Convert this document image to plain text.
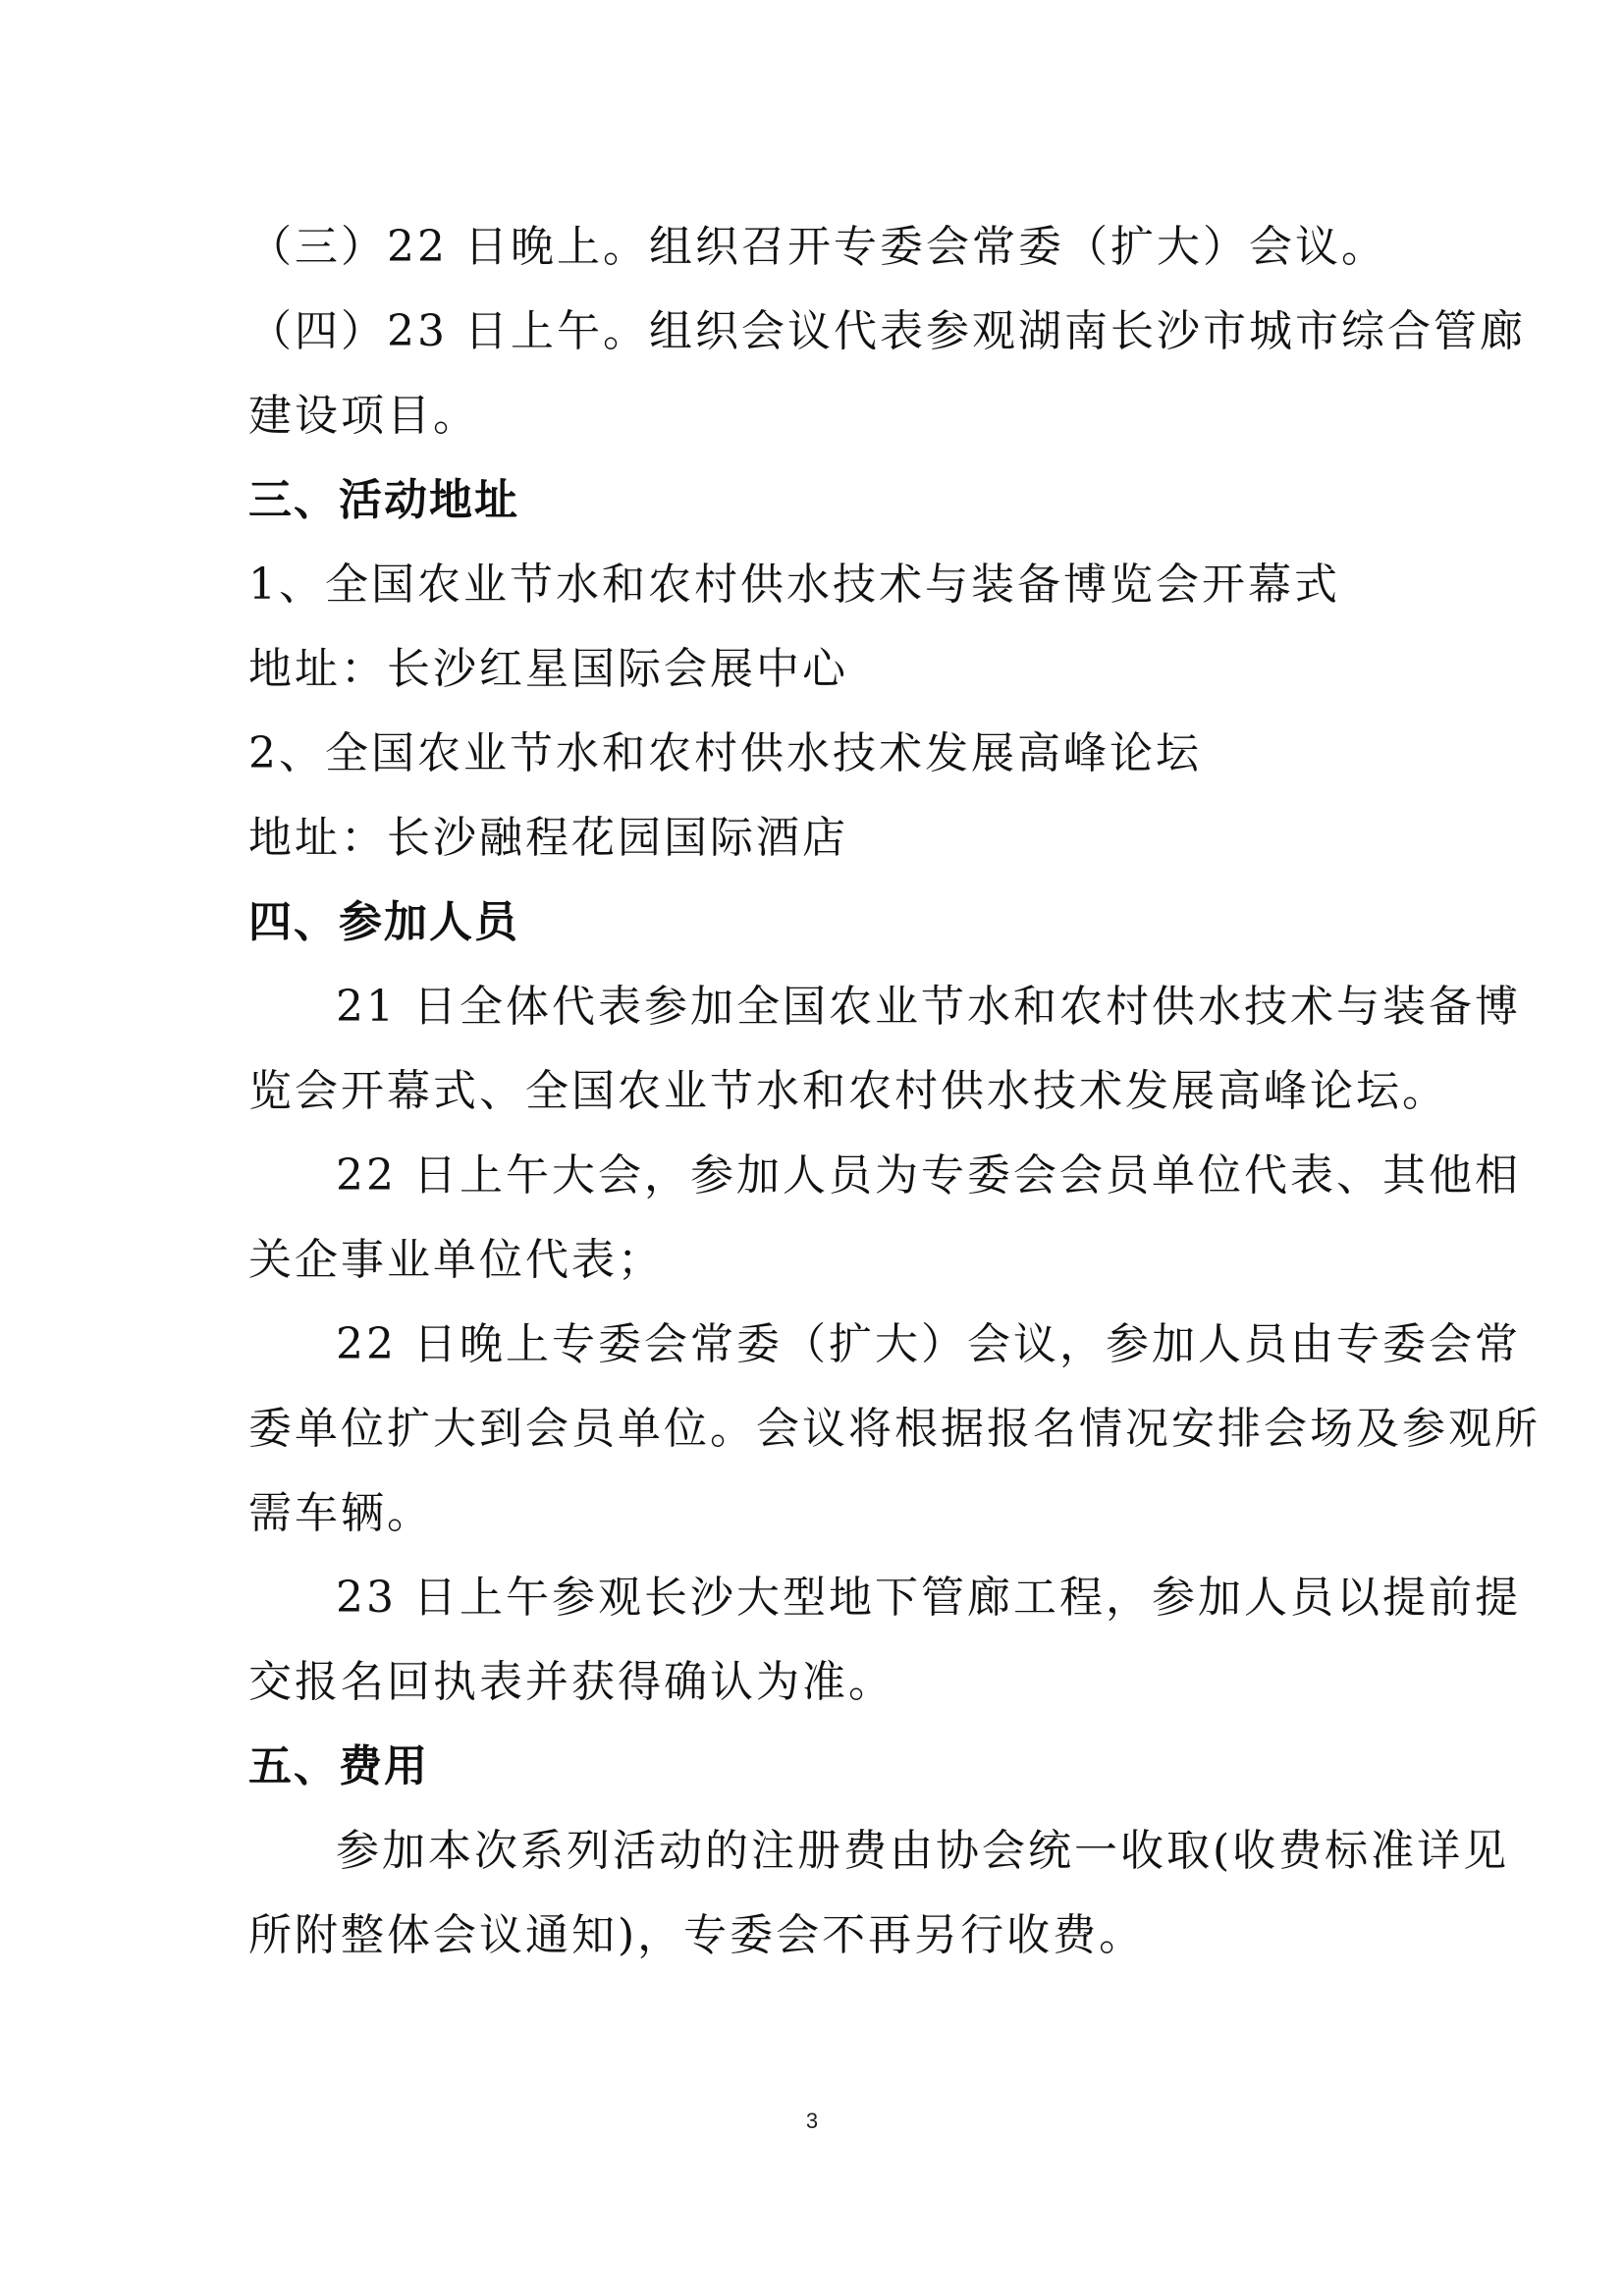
（三）22 日晚上。组织召开专委会常委（扩大）会议。
（四）23 日上午。组织会议代表参观湖南长沙市城市综合管廊
建设项目。
三、活动地址
1、全国农业节水和农村供水技术与装备博览会开幕式
地址：长沙红星国际会展中心
2、全国农业节水和农村供水技术发展高峰论坛
地址：长沙融程花园国际酒店
四、参加人员
21 日全体代表参加全国农业节水和农村供水技术与装备博
览会开幕式、全国农业节水和农村供水技术发展高峰论坛。
22 日上午大会，参加人员为专委会会员单位代表、其他相
关企事业单位代表；
22 日晚上专委会常委（扩大）会议，参加人员由专委会常
委单位扩大到会员单位。会议将根据报名情况安排会场及参观所
需车辆。
23 日上午参观长沙大型地下管廊工程，参加人员以提前提
交报名回执表并获得确认为准。
五、费用
参加本次系列活动的注册费由协会统一收取(收费标准详见
所附整体会议通知)，专委会不再另行收费。
3
